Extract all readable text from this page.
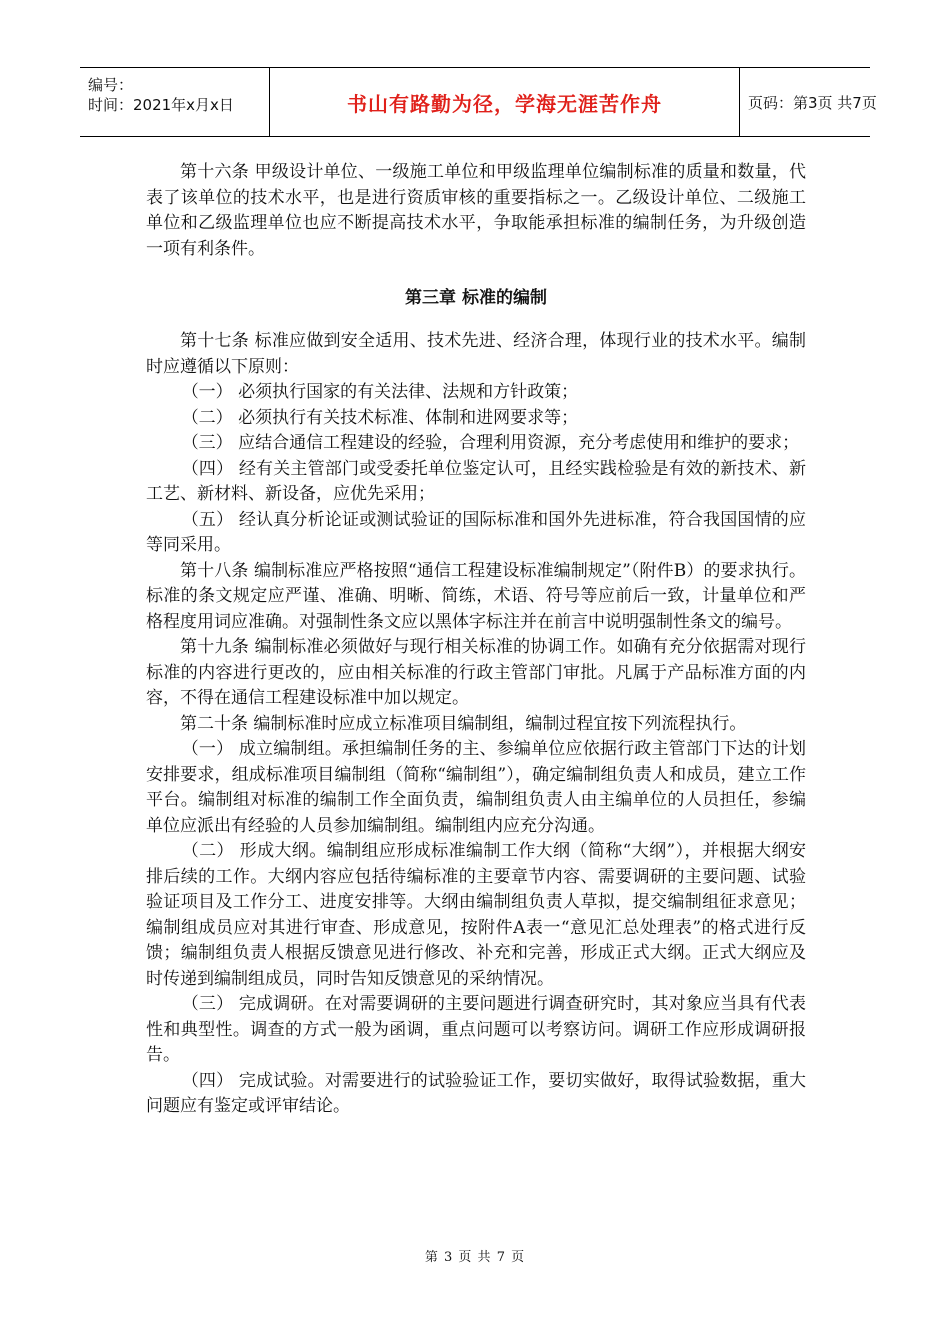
编号：
时间：2021年x月x日	书山有路勤为径，学海无涯苦作舟	页码：第3页 共7页

第十六条 甲级设计单位、一级施工单位和甲级监理单位编制标准的质量和数量，代表了该单位的技术水平，也是进行资质审核的重要指标之一。乙级设计单位、二级施工单位和乙级监理单位也应不断提高技术水平，争取能承担标准的编制任务，为升级创造一项有利条件。

第三章 标准的编制

第十七条 标准应做到安全适用、技术先进、经济合理，体现行业的技术水平。编制时应遵循以下原则：

（一） 必须执行国家的有关法律、法规和方针政策；

（二） 必须执行有关技术标准、体制和进网要求等；

（三） 应结合通信工程建设的经验，合理利用资源，充分考虑使用和维护的要求；

（四） 经有关主管部门或受委托单位鉴定认可，且经实践检验是有效的新技术、新工艺、新材料、新设备，应优先采用；

（五） 经认真分析论证或测试验证的国际标准和国外先进标准，符合我国国情的应等同采用。

第十八条 编制标准应严格按照“通信工程建设标准编制规定”（附件B）的要求执行。标准的条文规定应严谨、准确、明晰、简练，术语、符号等应前后一致，计量单位和严格程度用词应准确。对强制性条文应以黑体字标注并在前言中说明强制性条文的编号。

第十九条 编制标准必须做好与现行相关标准的协调工作。如确有充分依据需对现行标准的内容进行更改的，应由相关标准的行政主管部门审批。凡属于产品标准方面的内容，不得在通信工程建设标准中加以规定。

第二十条 编制标准时应成立标准项目编制组，编制过程宜按下列流程执行。

（一） 成立编制组。承担编制任务的主、参编单位应依据行政主管部门下达的计划安排要求，组成标准项目编制组（简称“编制组”），确定编制组负责人和成员，建立工作平台。编制组对标准的编制工作全面负责，编制组负责人由主编单位的人员担任，参编单位应派出有经验的人员参加编制组。编制组内应充分沟通。

（二） 形成大纲。编制组应形成标准编制工作大纲（简称“大纲”），并根据大纲安排后续的工作。大纲内容应包括待编标准的主要章节内容、需要调研的主要问题、试验验证项目及工作分工、进度安排等。大纲由编制组负责人草拟，提交编制组征求意见；编制组成员应对其进行审查、形成意见，按附件A表一“意见汇总处理表”的格式进行反馈；编制组负责人根据反馈意见进行修改、补充和完善，形成正式大纲。正式大纲应及时传递到编制组成员，同时告知反馈意见的采纳情况。

（三） 完成调研。在对需要调研的主要问题进行调查研究时，其对象应当具有代表性和典型性。调查的方式一般为函调，重点问题可以考察访问。调研工作应形成调研报告。

（四） 完成试验。对需要进行的试验验证工作，要切实做好，取得试验数据，重大问题应有鉴定或评审结论。

第 3 页 共 7 页
